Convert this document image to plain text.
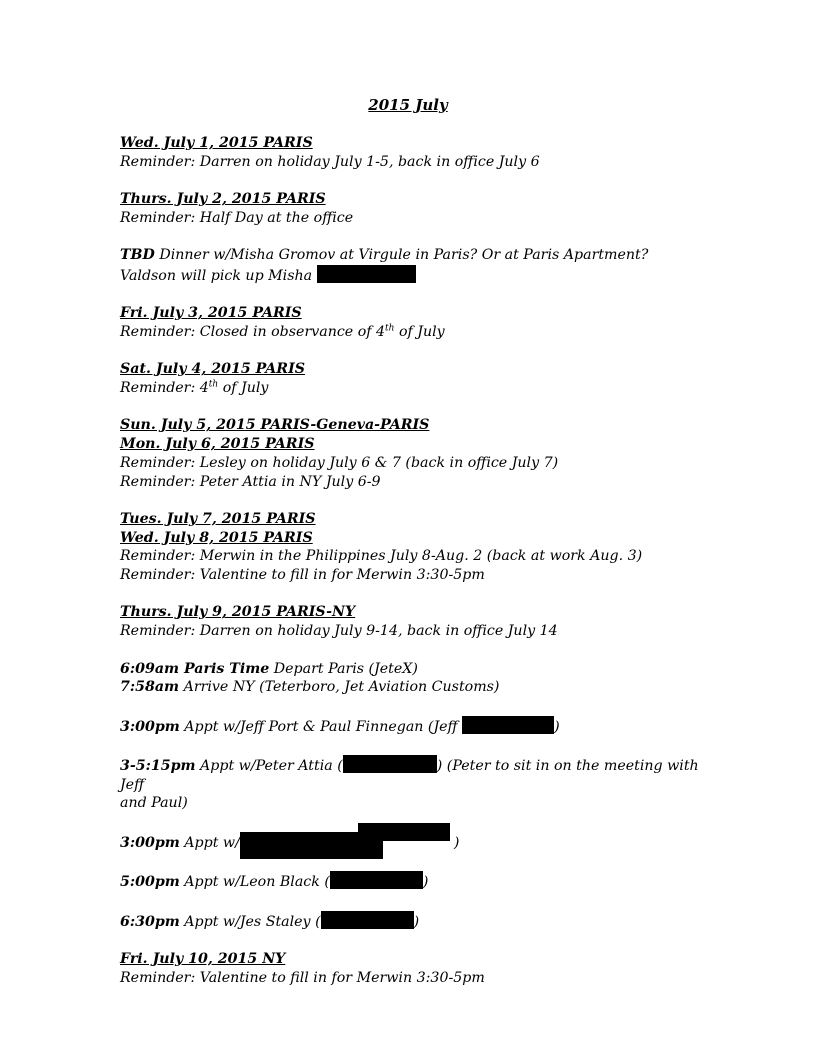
2015 July

Wed. July 1, 2015 PARIS

Reminder: Darren on holiday July 1-5, back in office July 6

Thurs. July 2, 2015 PARIS

Reminder: Half Day at the office

TBD Dinner w/Misha Gromov at Virgule in Paris? Or at Paris Apartment?

Valdson will pick up Misha

Fri. July 3, 2015 PARIS

Reminder: Closed in observance of 4th of July

Sat. July 4, 2015 PARIS

Reminder: 4th of July

Sun. July 5, 2015 PARIS-Geneva-PARIS

Mon. July 6, 2015 PARIS

Reminder: Lesley on holiday July 6 & 7 (back in office July 7)

Reminder: Peter Attia in NY July 6-9

Tues. July 7, 2015 PARIS

Wed. July 8, 2015 PARIS

Reminder: Merwin in the Philippines July 8-Aug. 2 (back at work Aug. 3)

Reminder: Valentine to fill in for Merwin 3:30-5pm

Thurs. July 9, 2015 PARIS-NY

Reminder: Darren on holiday July 9-14, back in office July 14

6:09am Paris Time Depart Paris (JeteX)

7:58am Arrive NY (Teterboro, Jet Aviation Customs)

3:00pm Appt w/Jeff Port & Paul Finnegan (Jeff	)

3-5:15pm Appt w/Peter Attia (	) (Peter to sit in on the meeting with Jeff

and Paul)

3:00pm Appt w/	)

5:00pm Appt w/Leon Black (	)

6:30pm Appt w/Jes Staley (	)

Fri. July 10, 2015 NY

Reminder: Valentine to fill in for Merwin 3:30-5pm
